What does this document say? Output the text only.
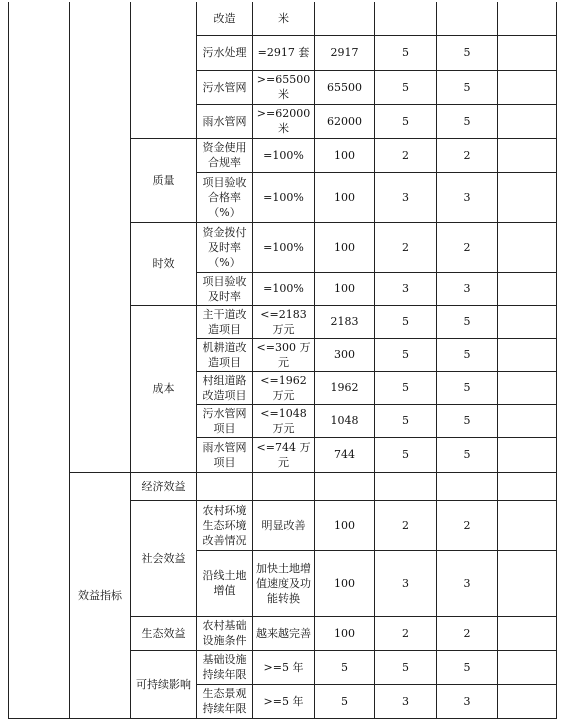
			改造	米				
			污水处理	=2917 套	2917	5	5	
			污水管网	>=65500米	65500	5	5	
			雨水管网	>=62000米	62000	5	5	
		质量	资金使用合规率	=100%	100	2	2	
			项目验收合格率（%）	=100%	100	3	3	
		时效	资金拨付及时率（%）	=100%	100	2	2	
			项目验收及时率	=100%	100	3	3	
		成本	主干道改造项目	<=2183 万元	2183	5	5	
			机耕道改造项目	<=300 万元	300	5	5	
			村组道路改造项目	<=1962 万元	1962	5	5	
			污水管网项目	<=1048 万元	1048	5	5	
			雨水管网项目	<=744 万元	744	5	5	
	效益指标	经济效益						
		社会效益	农村环境生态环境改善情况	明显改善	100	2	2	
			沿线土地增值	加快土地增值速度及功能转换	100	3	3	
		生态效益	农村基础设施条件	越来越完善	100	2	2	
		可持续影响	基础设施持续年限	>=5 年	5	5	5	
			生态景观持续年限	>=5 年	5	3	3	
